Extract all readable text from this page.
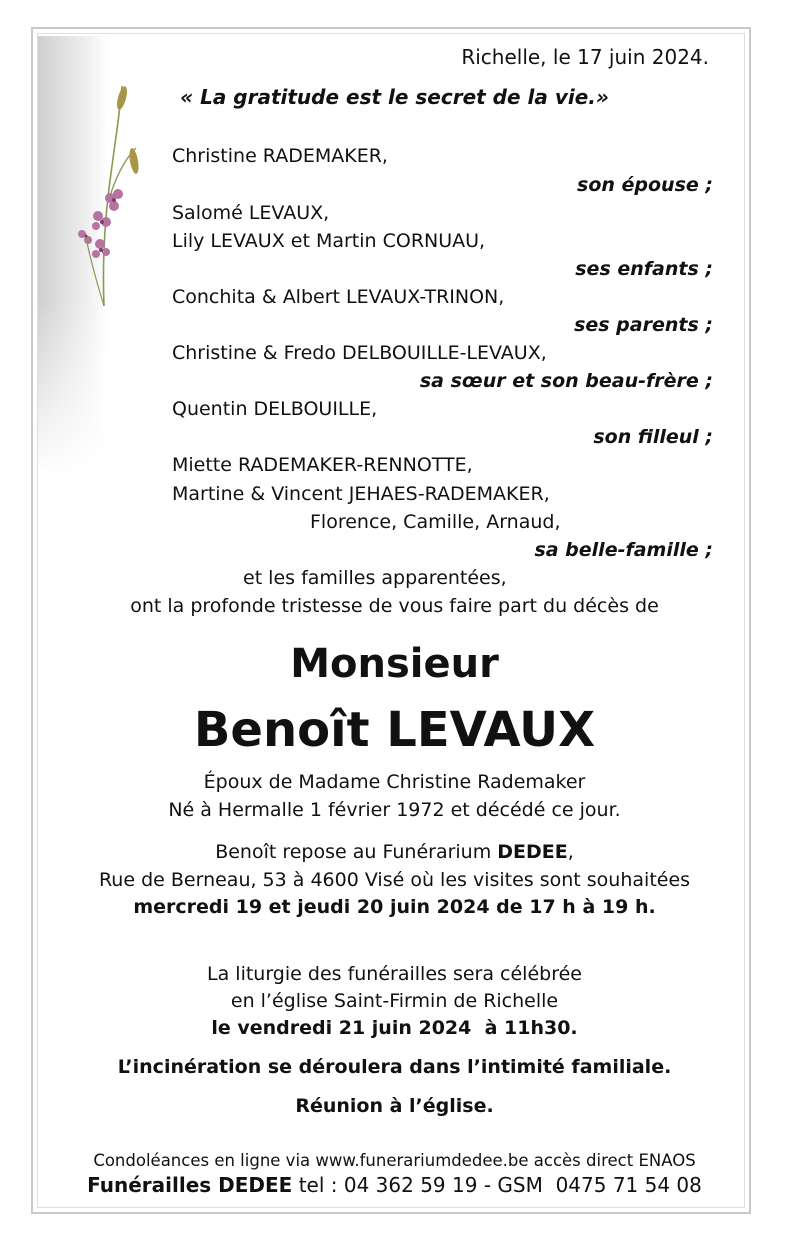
Richelle, le 17 juin 2024.
« La gratitude est le secret de la vie.»
Christine RADEMAKER,
son épouse ;
Salomé LEVAUX,
Lily LEVAUX et Martin CORNUAU,
ses enfants ;
Conchita & Albert LEVAUX-TRINON,
ses parents ;
Christine & Fredo DELBOUILLE-LEVAUX,
sa sœur et son beau-frère ;
Quentin DELBOUILLE,
son filleul ;
Miette RADEMAKER-RENNOTTE,
Martine & Vincent JEHAES-RADEMAKER,
Florence, Camille, Arnaud,
sa belle-famille ;
et les familles apparentées,
ont la profonde tristesse de vous faire part du décès de
Monsieur
Benoît LEVAUX
Époux de Madame Christine Rademaker
Né à Hermalle 1 février 1972 et décédé ce jour.
Benoît repose au Funérarium DEDEE,
Rue de Berneau, 53 à 4600 Visé où les visites sont souhaitées
mercredi 19 et jeudi 20 juin 2024 de 17 h à 19 h.
La liturgie des funérailles sera célébrée
en l’église Saint-Firmin de Richelle
le vendredi 21 juin 2024  à 11h30.
L’incinération se déroulera dans l’intimité familiale.
Réunion à l’église.
Condoléances en ligne via www.funerariumdedee.be accès direct ENAOS
Funérailles DEDEE tel : 04 362 59 19 - GSM  0475 71 54 08
